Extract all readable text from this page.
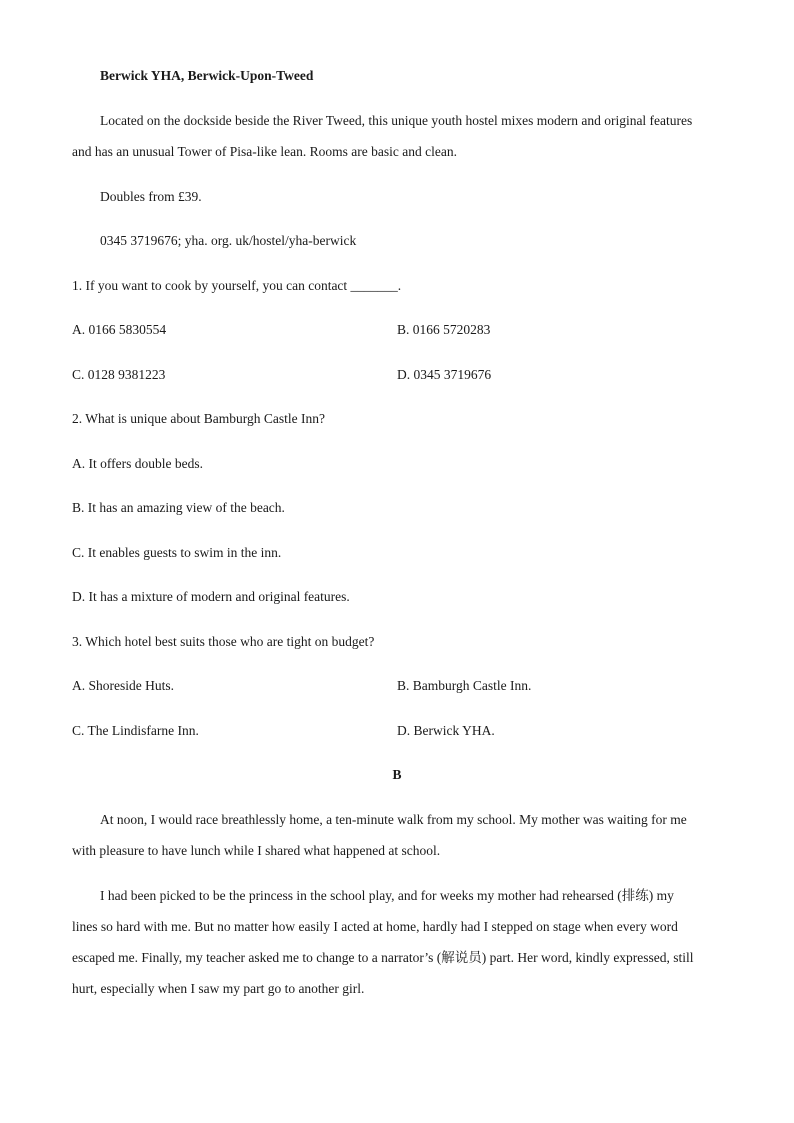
Berwick YHA, Berwick-Upon-Tweed
Located on the dockside beside the River Tweed, this unique youth hostel mixes modern and original features
and has an unusual Tower of Pisa-like lean. Rooms are basic and clean.
Doubles from £39.
0345 3719676; yha. org. uk/hostel/yha-berwick
1. If you want to cook by yourself, you can contact _______.
A. 0166 5830554	B. 0166 5720283
C. 0128 9381223	D. 0345 3719676
2. What is unique about Bamburgh Castle Inn?
A. It offers double beds.
B. It has an amazing view of the beach.
C. It enables guests to swim in the inn.
D. It has a mixture of modern and original features.
3. Which hotel best suits those who are tight on budget?
A. Shoreside Huts.	B. Bamburgh Castle Inn.
C. The Lindisfarne Inn.	D. Berwick YHA.
B
At noon, I would race breathlessly home, a ten-minute walk from my school. My mother was waiting for me
with pleasure to have lunch while I shared what happened at school.
I had been picked to be the princess in the school play, and for weeks my mother had rehearsed (排练) my
lines so hard with me. But no matter how easily I acted at home, hardly had I stepped on stage when every word
escaped me. Finally, my teacher asked me to change to a narrator’s (解说员) part. Her word, kindly expressed, still
hurt, especially when I saw my part go to another girl.
